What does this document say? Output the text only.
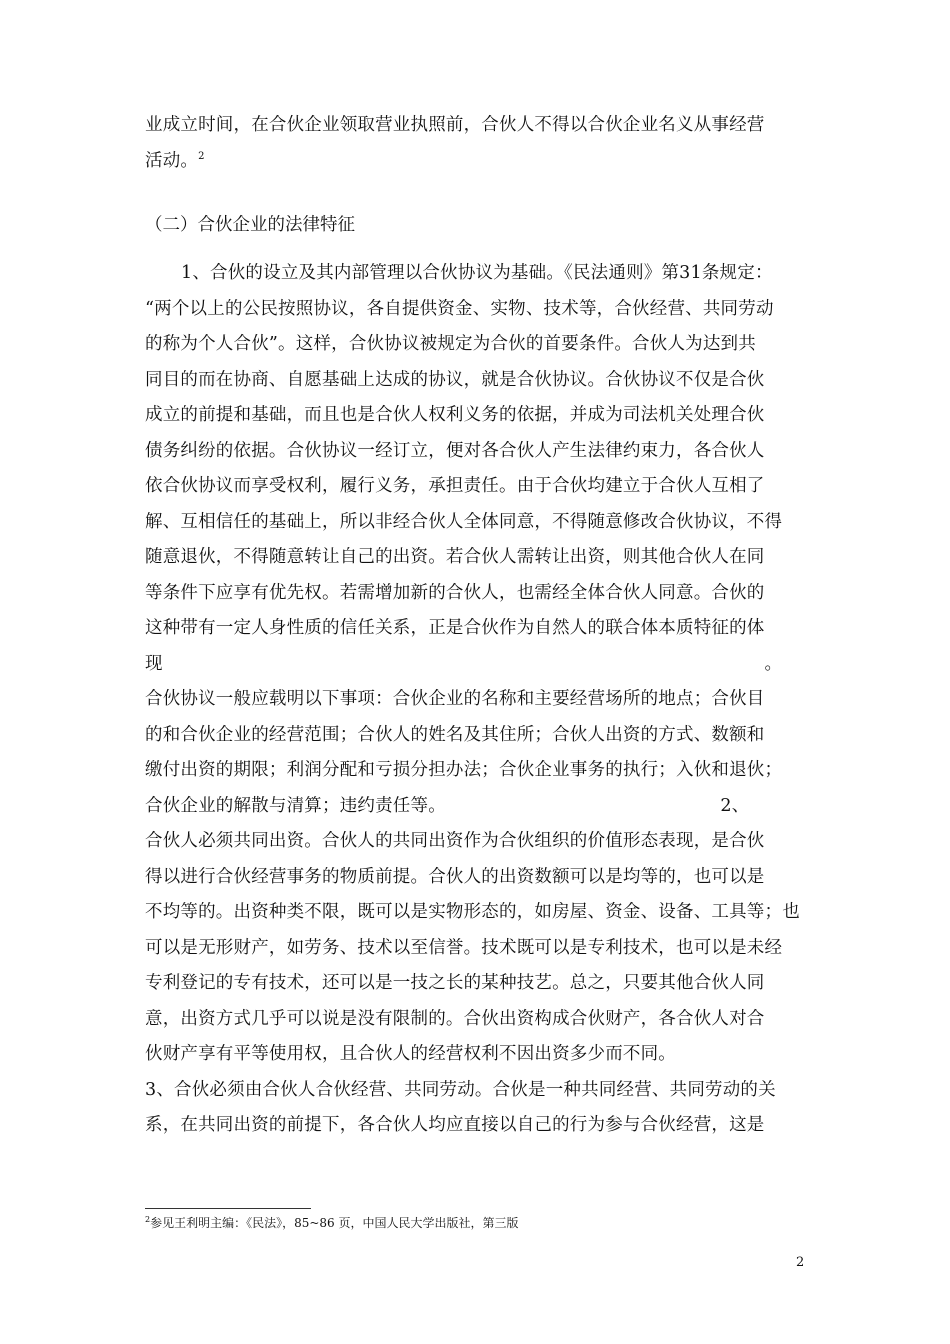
业成立时间，在合伙企业领取营业执照前，合伙人不得以合伙企业名义从事经营
活动。$^2$
（二）合伙企业的法律特征
1、合伙的设立及其内部管理以合伙协议为基础。《民法通则》第31条规定：
“两个以上的公民按照协议，各自提供资金、实物、技术等，合伙经营、共同劳动
的称为个人合伙”。这样，合伙协议被规定为合伙的首要条件。合伙人为达到共
同目的而在协商、自愿基础上达成的协议，就是合伙协议。合伙协议不仅是合伙
成立的前提和基础，而且也是合伙人权利义务的依据，并成为司法机关处理合伙
债务纠纷的依据。合伙协议一经订立，便对各合伙人产生法律约束力，各合伙人
依合伙协议而享受权利，履行义务，承担责任。由于合伙均建立于合伙人互相了
解、互相信任的基础上，所以非经合伙人全体同意，不得随意修改合伙协议，不得
随意退伙，不得随意转让自己的出资。若合伙人需转让出资，则其他合伙人在同
等条件下应享有优先权。若需增加新的合伙人，也需经全体合伙人同意。合伙的
这种带有一定人身性质的信任关系，正是合伙作为自然人的联合体本质特征的体
现　　　　　　　　　　　　　　　　　　　　　　　　　　　　　　　　　　。
合伙协议一般应载明以下事项：合伙企业的名称和主要经营场所的地点；合伙目
的和合伙企业的经营范围；合伙人的姓名及其住所；合伙人出资的方式、数额和
缴付出资的期限；利润分配和亏损分担办法；合伙企业事务的执行；入伙和退伙；
合伙企业的解散与清算；违约责任等。　　　　　　　　　　　　　　　　2、
合伙人必须共同出资。合伙人的共同出资作为合伙组织的价值形态表现，是合伙
得以进行合伙经营事务的物质前提。合伙人的出资数额可以是均等的，也可以是
不均等的。出资种类不限，既可以是实物形态的，如房屋、资金、设备、工具等；也
可以是无形财产，如劳务、技术以至信誉。技术既可以是专利技术，也可以是未经
专利登记的专有技术，还可以是一技之长的某种技艺。总之，只要其他合伙人同
意，出资方式几乎可以说是没有限制的。合伙出资构成合伙财产，各合伙人对合
伙财产享有平等使用权，且合伙人的经营权利不因出资多少而不同。
3、合伙必须由合伙人合伙经营、共同劳动。合伙是一种共同经营、共同劳动的关
系，在共同出资的前提下，各合伙人均应直接以自己的行为参与合伙经营，这是
$^2$参见王利明主编：《民法》，85~86 页，中国人民大学出版社，第三版
2
